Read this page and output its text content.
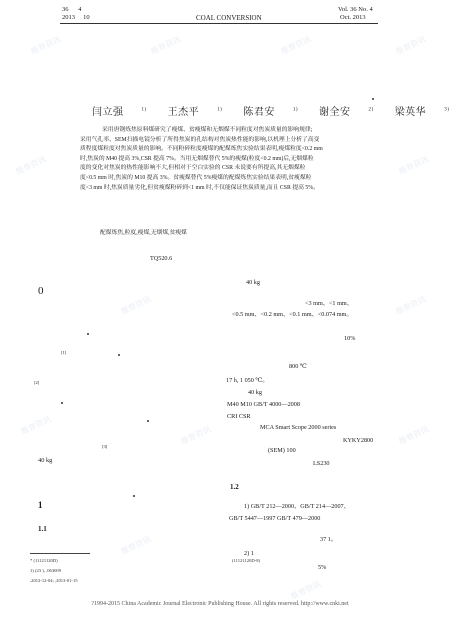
36 4
2013 10	COAL CONVERSION
Vol. 36 No. 4
Oct. 2013
闫立强	$^{1)}$ 王杰平	$^{1)}$ 陈君安	$^{1)}$ 谢全安	$^{2)}$ 梁英华	$^{3)}$

采用唐钢炼焦原料煤研究了瘦煤、贫瘦煤和无烟煤不同粒度对焦炭质量的影响规律;

采用气孔率、SEM扫描电镜分析了所得焦炭的孔结构对焦炭热性能的影响,以机理上分析了高变

质程度煤粒度对焦炭质量的影响。不同粉碎粒度瘦煤的配煤炼焦实验结果表明,瘦煤粒度<0.2 mm

时,焦炭的 M40 提高 3%,CSR 提高 7%。当用无烟煤替代 5%的瘦煤(粒度<0.2 mm)后,无烟煤粒

度的变化对焦炭的热性能影响不大,但相对于空白实验的 CSR 未说要有所提高,其无烟煤粒

度<0.5 mm 时,焦炭的 M10 提高 3%。贫瘦煤替代 5%瘦煤的配煤炼焦实验结果表明,贫瘦煤粒

度<3 mm 时,焦炭质量劣化,但贫瘦煤粉碎到<1 mm 时,不仅能保证焦炭质量,而且 CSR 提高 5%。

配煤炼焦,粒度,瘦煤,无烟煤,贫瘦煤
TQ520.6
0
[1]
[2]
[3]
40 kg
1
1.1
40 kg
<3 mm、<1 mm、
<0.5 mm、<0.2 mm、<0.1 mm、<0.074 mm。
10%
800 ℃
17 h, 1 050 ℃。
40 kg
M40 M10 GB/T 4000—2008
CRI CSR
MCA Smart Scope 2000 series
KYKY2800
(SEM) 100
LS230
1.2
1) GB/T 212—2000、GB/T 214—2007、
GB/T 5447—1997 GB/T 479—2000
37 1。
2) 1
5%
* (11121120D)
1) (23 ), ,063009
,2012-12-04; ,2013-01-15
(11121120D-8)
?1994-2015 China Academic Journal Electronic Publishing House. All rights reserved. http://www.cnki.net
维普资讯	维普资讯	维普资讯	维普资讯
维普资讯	维普资讯
维普资讯	维普资讯
维普资讯	维普资讯	维普资讯
维普资讯
维普资讯
